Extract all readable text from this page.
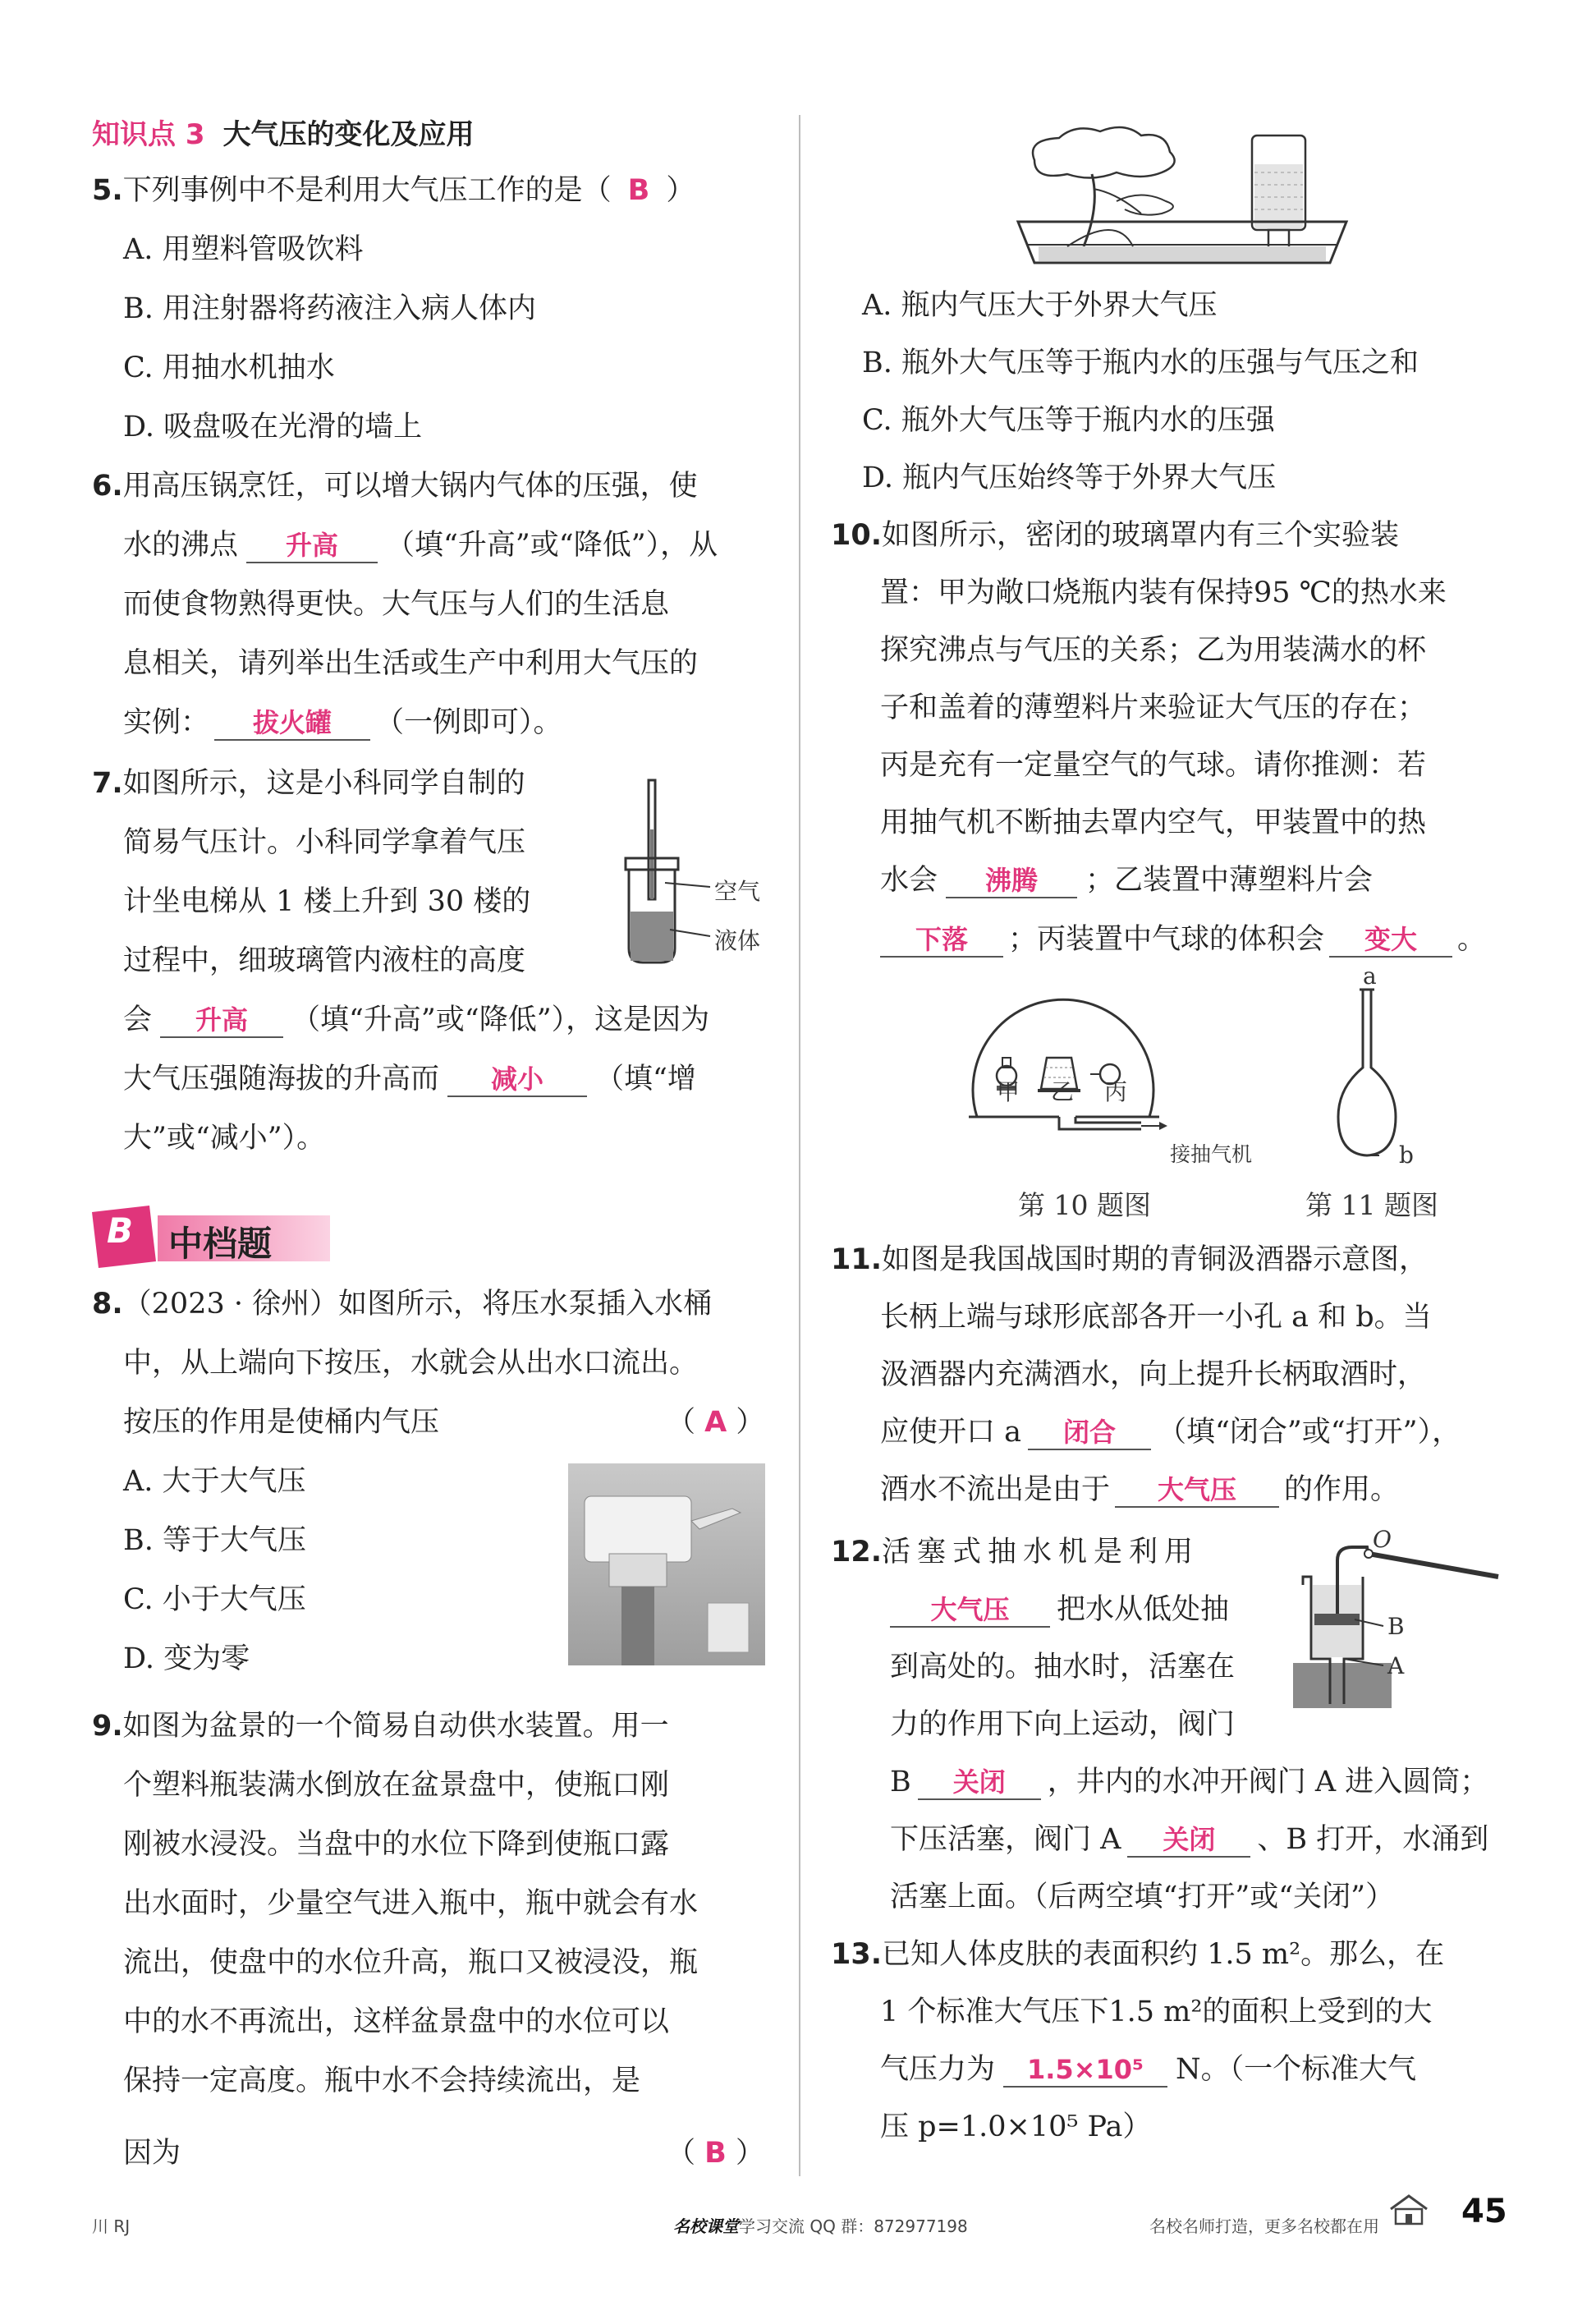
知识点 3 大气压的变化及应用
5.下列事例中不是利用大气压工作的是（ B ）
A. 用塑料管吸饮料
B. 用注射器将药液注入病人体内
C. 用抽水机抽水
D. 吸盘吸在光滑的墙上
6.用高压锅烹饪，可以增大锅内气体的压强，使
水的沸点 升高 （填“升高”或“降低”），从
而使食物熟得更快。大气压与人们的生活息
息相关，请列举出生活或生产中利用大气压的
实例： 拔火罐 （一例即可）。
7.如图所示，这是小科同学自制的
简易气压计。小科同学拿着气压
计坐电梯从 1 楼上升到 30 楼的
过程中，细玻璃管内液柱的高度
会 升高 （填“升高”或“降低”），这是因为
大气压强随海拔的升高而 减小 （填“增
大”或“减小”）。
空气
液体
B 中档题
8.（2023 · 徐州）如图所示，将压水泵插入水桶
中，从上端向下按压，水就会从出水口流出。
按压的作用是使桶内气压	（ A ）
A. 大于大气压
B. 等于大气压
C. 小于大气压
D. 变为零
9.如图为盆景的一个简易自动供水装置。用一
个塑料瓶装满水倒放在盆景盘中，使瓶口刚
刚被水浸没。当盘中的水位下降到使瓶口露
出水面时，少量空气进入瓶中，瓶中就会有水
流出，使盘中的水位升高，瓶口又被浸没，瓶
中的水不再流出，这样盆景盘中的水位可以
保持一定高度。瓶中水不会持续流出，是
因为	（ B ）
A. 瓶内气压大于外界大气压
B. 瓶外大气压等于瓶内水的压强与气压之和
C. 瓶外大气压等于瓶内水的压强
D. 瓶内气压始终等于外界大气压
10.如图所示，密闭的玻璃罩内有三个实验装
置：甲为敞口烧瓶内装有保持95 ℃的热水来
探究沸点与气压的关系；乙为用装满水的杯
子和盖着的薄塑料片来验证大气压的存在；
丙是充有一定量空气的气球。请你推测：若
用抽气机不断抽去罩内空气，甲装置中的热
水会 沸腾 ；乙装置中薄塑料片会
下落 ；丙装置中气球的体积会 变大 。
甲 乙 丙
接抽气机
第 10 题图
a
b
第 11 题图
11.如图是我国战国时期的青铜汲酒器示意图，
长柄上端与球形底部各开一小孔 a 和 b。当
汲酒器内充满酒水，向上提升长柄取酒时，
应使开口 a 闭合 （填“闭合”或“打开”），
酒水不流出是由于 大气压 的作用。
12.活塞式抽水机是利用
大气压 把水从低处抽
到高处的。抽水时，活塞在
力的作用下向上运动，阀门
B 关闭 ，井内的水冲开阀门 A 进入圆筒；
下压活塞，阀门 A 关闭 、B 打开，水涌到
活塞上面。（后两空填“打开”或“关闭”）
O
B
A
13.已知人体皮肤的表面积约 1.5 m²。那么，在
1 个标准大气压下1.5 m²的面积上受到的大
气压力为 1.5×10⁵ N。（一个标准大气
压 p=1.0×10⁵ Pa）
川 RJ	名校课堂学习交流 QQ 群：872977198	名校名师打造，更多名校都在用	45
